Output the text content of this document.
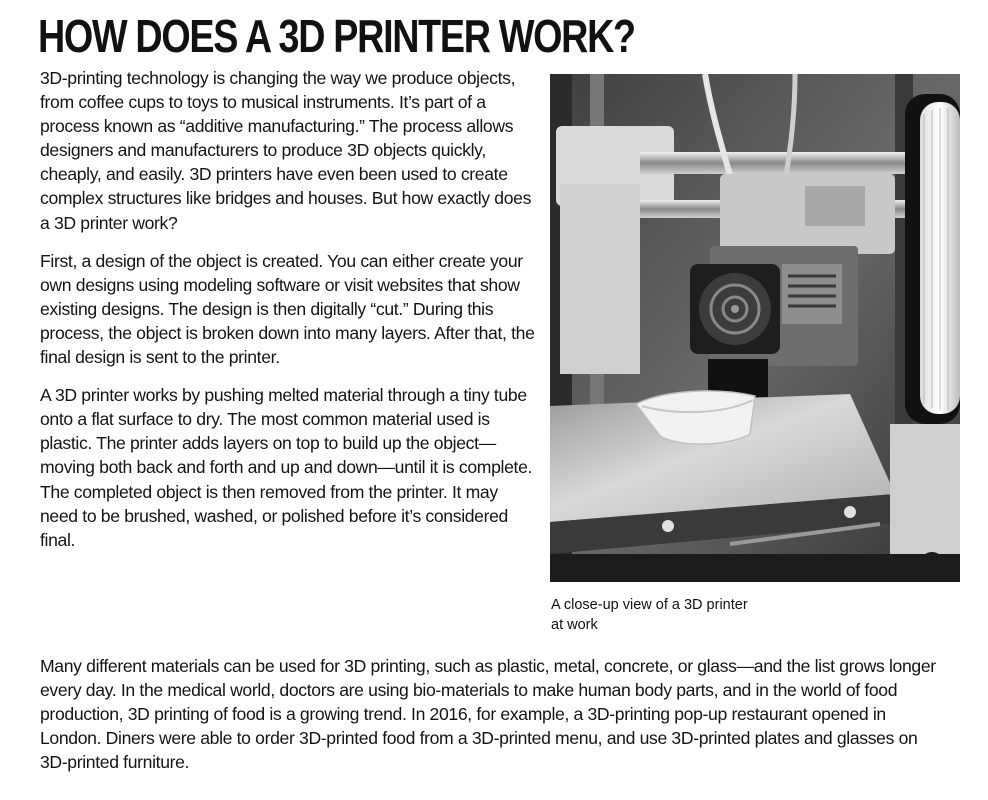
HOW DOES A 3D PRINTER WORK?

3D-printing technology is changing the way we produce objects, from coffee cups to toys to musical instruments. It’s part of a process known as “additive manufacturing.” The process allows designers and manufacturers to produce 3D objects quickly, cheaply, and easily. 3D printers have even been used to create complex structures like bridges and houses. But how exactly does a 3D printer work?

First, a design of the object is created. You can either create your own designs using modeling software or visit websites that show existing designs. The design is then digitally “cut.” During this process, the object is broken down into many layers. After that, the final design is sent to the printer.

A 3D printer works by pushing melted material through a tiny tube onto a flat surface to dry. The most common material used is plastic. The printer adds layers on top to build up the object—moving both back and forth and up and down—until it is complete. The completed object is then removed from the printer. It may need to be brushed, washed, or polished before it’s considered final.

A close-up view of a 3D printer at work

Many different materials can be used for 3D printing, such as plastic, metal, concrete, or glass—and the list grows longer every day. In the medical world, doctors are using bio-materials to make human body parts, and in the world of food production, 3D printing of food is a growing trend. In 2016, for example, a 3D-printing pop-up restaurant opened in London. Diners were able to order 3D-printed food from a 3D-printed menu, and use 3D-printed plates and glasses on 3D-printed furniture.
